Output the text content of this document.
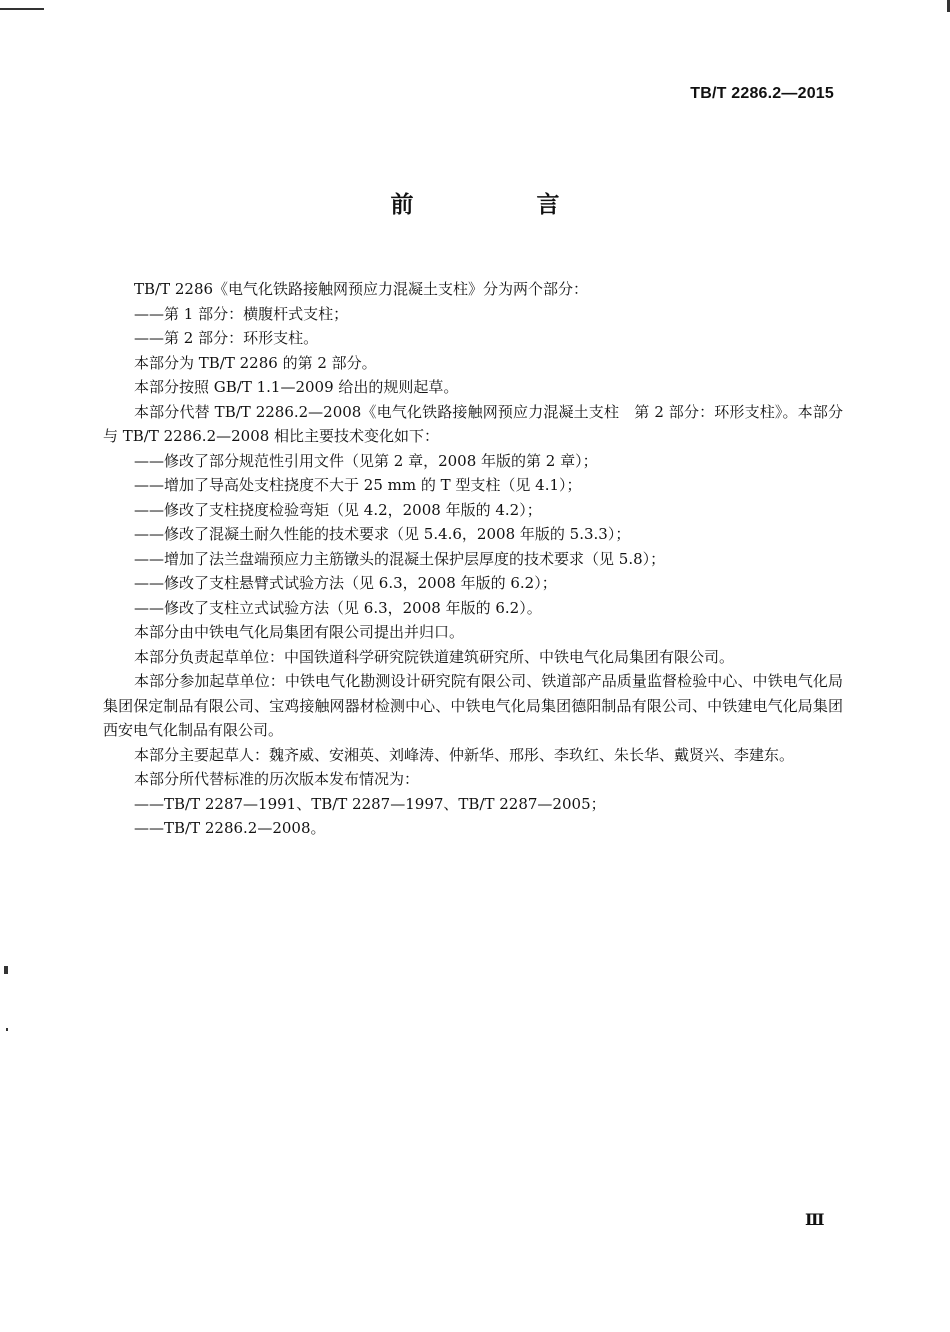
TB/T 2286.2—2015
前　言

TB/T 2286《电气化铁路接触网预应力混凝土支柱》分为两个部分：

——第 1 部分：横腹杆式支柱；

——第 2 部分：环形支柱。

本部分为 TB/T 2286 的第 2 部分。

本部分按照 GB/T 1.1—2009 给出的规则起草。

本部分代替 TB/T 2286.2—2008《电气化铁路接触网预应力混凝土支柱　第 2 部分：环形支柱》。本部分与 TB/T 2286.2—2008 相比主要技术变化如下：

——修改了部分规范性引用文件（见第 2 章，2008 年版的第 2 章）；

——增加了导高处支柱挠度不大于 25 mm 的 T 型支柱（见 4.1）；

——修改了支柱挠度检验弯矩（见 4.2，2008 年版的 4.2）；

——修改了混凝土耐久性能的技术要求（见 5.4.6，2008 年版的 5.3.3）；

——增加了法兰盘端预应力主筋镦头的混凝土保护层厚度的技术要求（见 5.8）；

——修改了支柱悬臂式试验方法（见 6.3，2008 年版的 6.2）；

——修改了支柱立式试验方法（见 6.3，2008 年版的 6.2）。

本部分由中铁电气化局集团有限公司提出并归口。

本部分负责起草单位：中国铁道科学研究院铁道建筑研究所、中铁电气化局集团有限公司。

本部分参加起草单位：中铁电气化勘测设计研究院有限公司、铁道部产品质量监督检验中心、中铁电气化局集团保定制品有限公司、宝鸡接触网器材检测中心、中铁电气化局集团德阳制品有限公司、中铁建电气化局集团西安电气化制品有限公司。

本部分主要起草人：魏齐威、安湘英、刘峰涛、仲新华、邢彤、李玖红、朱长华、戴贤兴、李建东。

本部分所代替标准的历次版本发布情况为：

——TB/T 2287—1991、TB/T 2287—1997、TB/T 2287—2005；

——TB/T 2286.2—2008。

Ⅲ
